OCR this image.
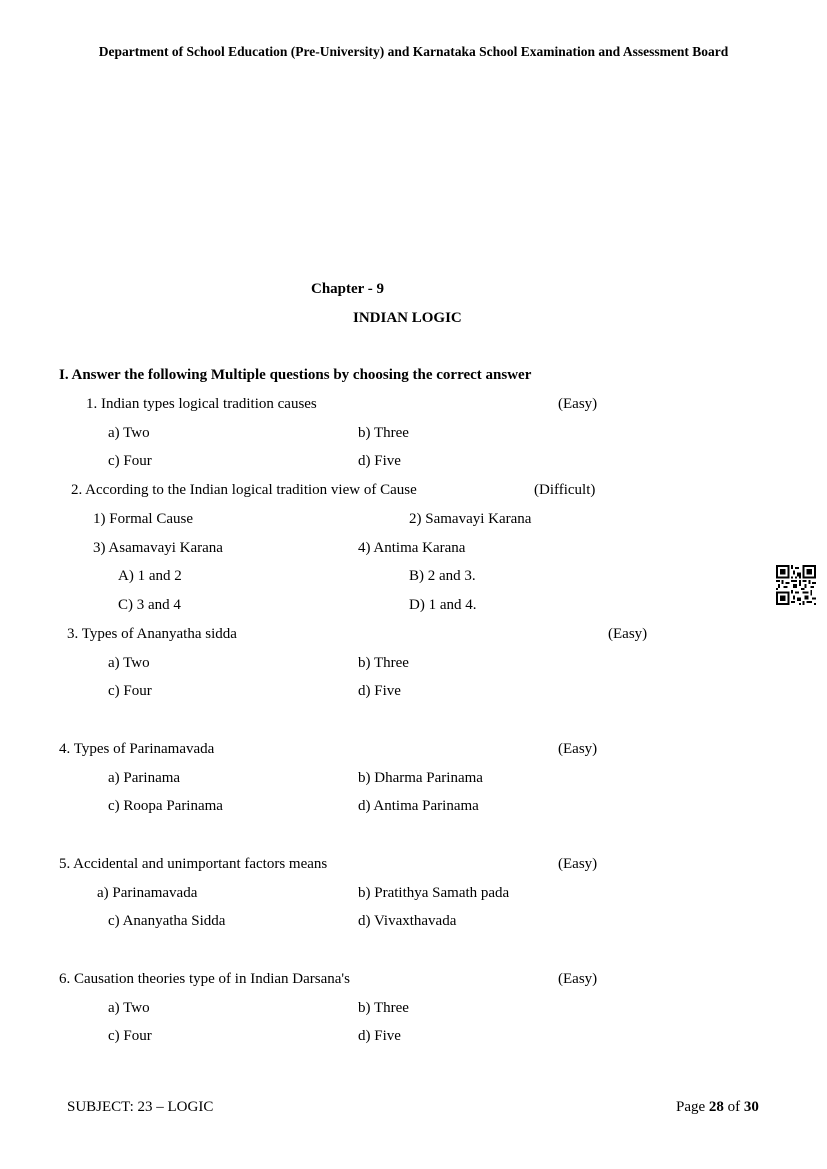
Department of School Education (Pre-University) and Karnataka School Examination and Assessment Board
Chapter - 9
INDIAN LOGIC
I. Answer the following Multiple questions by choosing the correct answer
1. Indian types logical tradition causes	(Easy)
a) Two	b) Three
c) Four	d) Five
2. According to the Indian logical tradition view of Cause	(Difficult)
1) Formal Cause	2) Samavayi Karana
3) Asamavayi Karana	4) Antima Karana
A) 1 and 2	B) 2 and 3.
C) 3 and 4	D) 1 and 4.
3. Types of Ananyatha sidda	(Easy)
a) Two	b) Three
c) Four	d) Five
4. Types of Parinamavada	(Easy)
a) Parinama	b) Dharma Parinama
c) Roopa Parinama	d) Antima Parinama
5. Accidental and unimportant factors means	(Easy)
a) Parinamavada	b) Pratithya Samath pada
c) Ananyatha Sidda	d) Vivaxthavada
6. Causation theories type of in Indian Darsana's	(Easy)
a) Two	b) Three
c) Four	d) Five
SUBJECT: 23 – LOGIC	Page 28 of 30
